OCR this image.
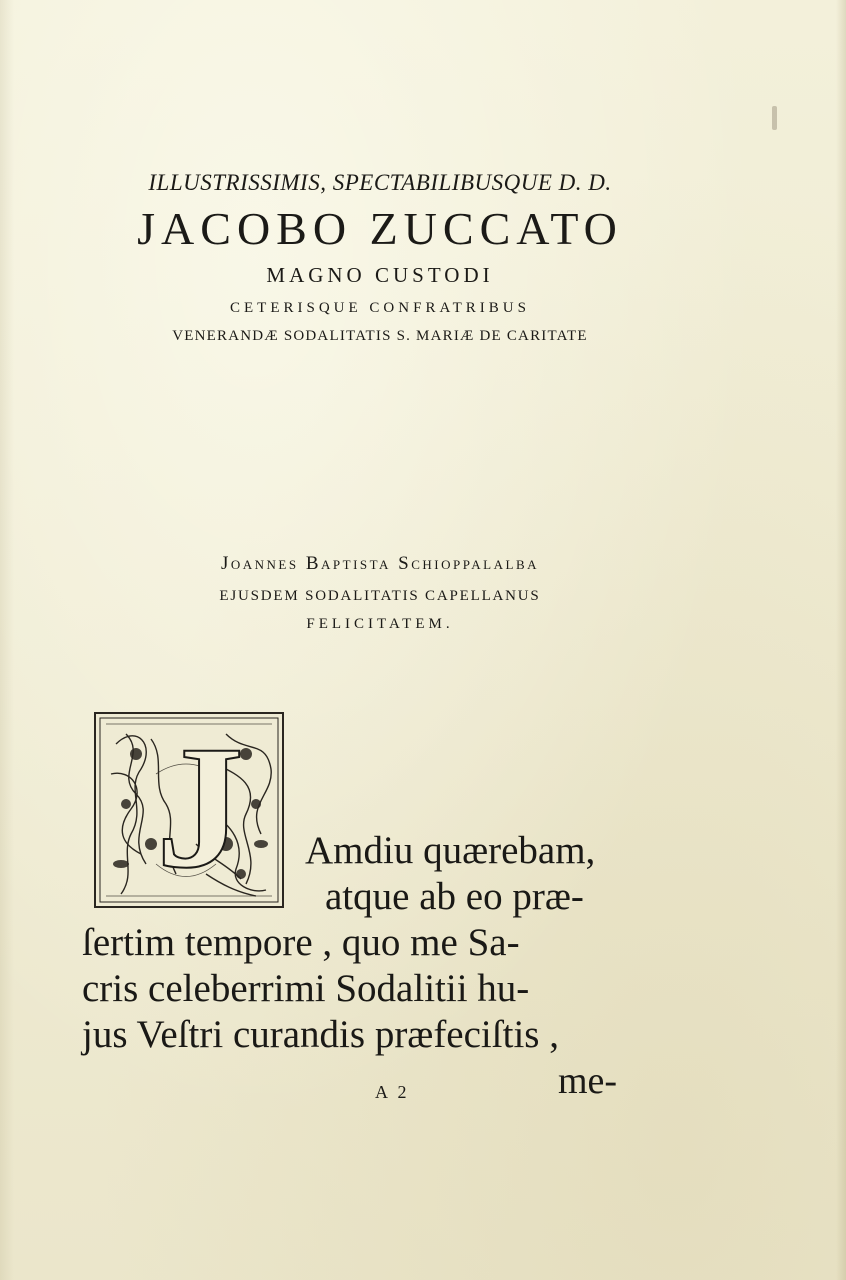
ILLUSTRISSIMIS, SPECTABILIBUSQUE D. D.

JACOBO ZUCCATO

MAGNO CUSTODI

CETERISQUE CONFRATRIBUS

VENERANDÆ SODALITATIS S. MARIÆ DE CARITATE

Joannes Baptista Schioppalalba

EJUSDEM SODALITATIS CAPELLANUS

FELICITATEM.

J Amdiu quærebam,
atque ab eo præ-
ſertim tempore , quo me Sa-
cris celeberrimi Sodalitii hu-
jus Veſtri curandis præfeciſtis ,
A 2	me-
